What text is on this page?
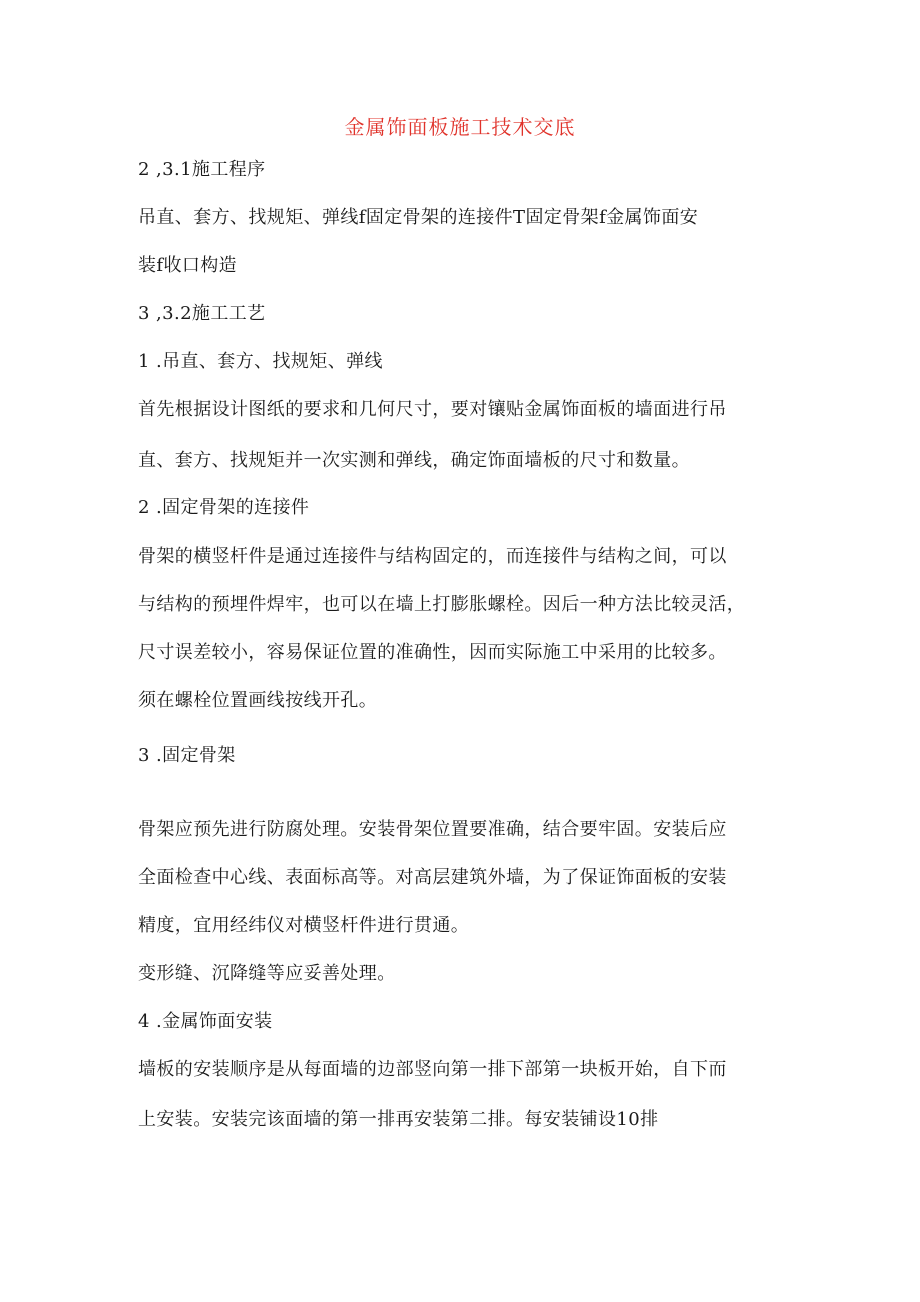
金属饰面板施工技术交底
2 ,3.1施工程序
吊直、套方、找规矩、弹线f固定骨架的连接件T固定骨架f金属饰面安
装f收口构造
3 ,3.2施工工艺
1 .吊直、套方、找规矩、弹线
首先根据设计图纸的要求和几何尺寸，要对镶贴金属饰面板的墙面进行吊
直、套方、找规矩并一次实测和弹线，确定饰面墙板的尺寸和数量。
2 .固定骨架的连接件
骨架的横竖杆件是通过连接件与结构固定的，而连接件与结构之间，可以
与结构的预埋件焊牢，也可以在墙上打膨胀螺栓。因后一种方法比较灵活，
尺寸误差较小，容易保证位置的准确性，因而实际施工中采用的比较多。
须在螺栓位置画线按线开孔。
3 .固定骨架
骨架应预先进行防腐处理。安装骨架位置要准确，结合要牢固。安装后应
全面检查中心线、表面标高等。对高层建筑外墙，为了保证饰面板的安装
精度，宜用经纬仪对横竖杆件进行贯通。
变形缝、沉降缝等应妥善处理。
4 .金属饰面安装
墙板的安装顺序是从每面墙的边部竖向第一排下部第一块板开始，自下而
上安装。安装完该面墙的第一排再安装第二排。每安装铺设10排
